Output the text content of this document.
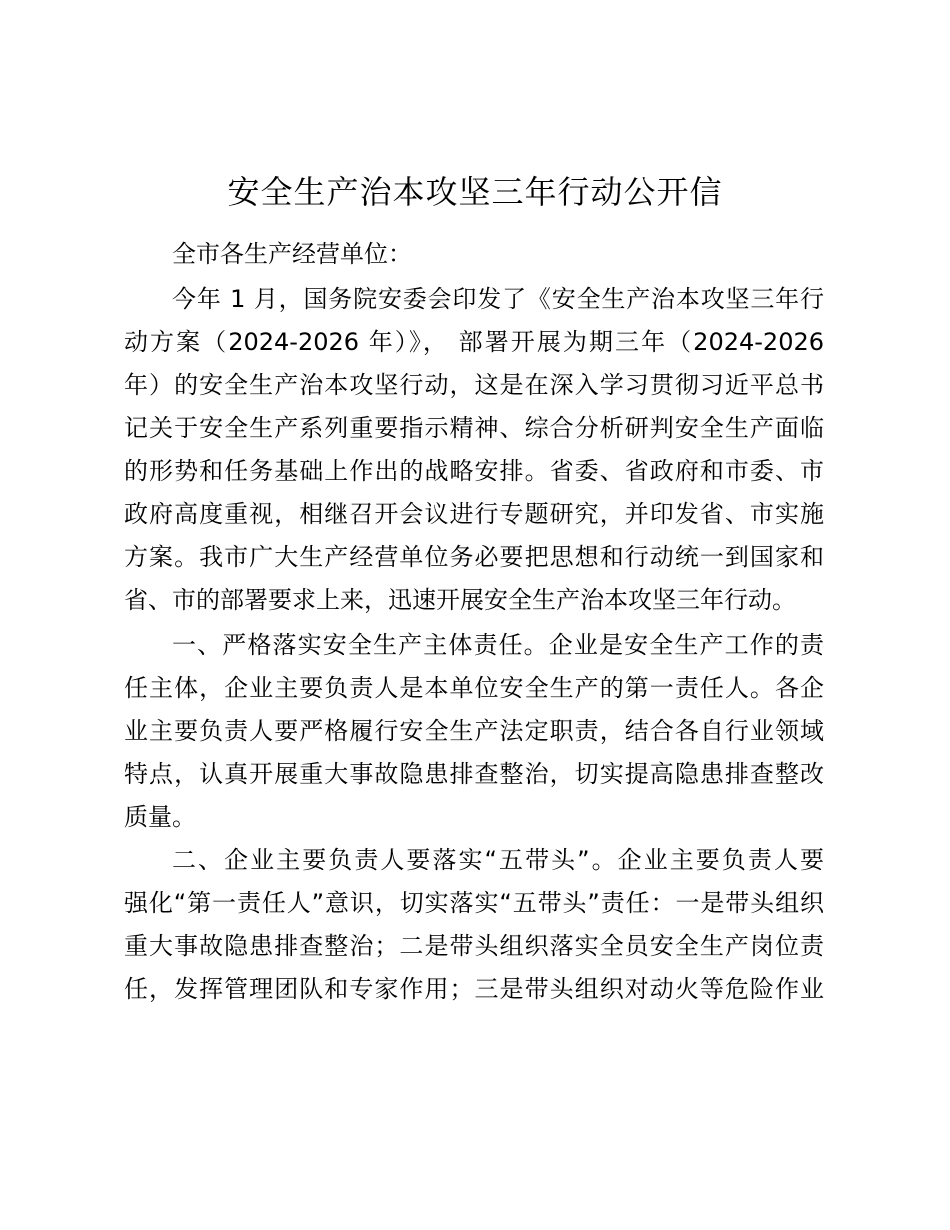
安全生产治本攻坚三年行动公开信
全市各生产经营单位：
今年 1 月，国务院安委会印发了《安全生产治本攻坚三年行
动方案（2024-2026 年）》， 部署开展为期三年（2024-2026
年）的安全生产治本攻坚行动，这是在深入学习贯彻习近平总书
记关于安全生产系列重要指示精神、综合分析研判安全生产面临
的形势和任务基础上作出的战略安排。省委、省政府和市委、市
政府高度重视，相继召开会议进行专题研究，并印发省、市实施
方案。我市广大生产经营单位务必要把思想和行动统一到国家和
省、市的部署要求上来，迅速开展安全生产治本攻坚三年行动。
一、严格落实安全生产主体责任。企业是安全生产工作的责
任主体，企业主要负责人是本单位安全生产的第一责任人。各企
业主要负责人要严格履行安全生产法定职责，结合各自行业领域
特点，认真开展重大事故隐患排查整治，切实提高隐患排查整改
质量。
二、企业主要负责人要落实“五带头”。企业主要负责人要
强化“第一责任人”意识，切实落实“五带头”责任：一是带头组织
重大事故隐患排查整治；二是带头组织落实全员安全生产岗位责
任，发挥管理团队和专家作用；三是带头组织对动火等危险作业
